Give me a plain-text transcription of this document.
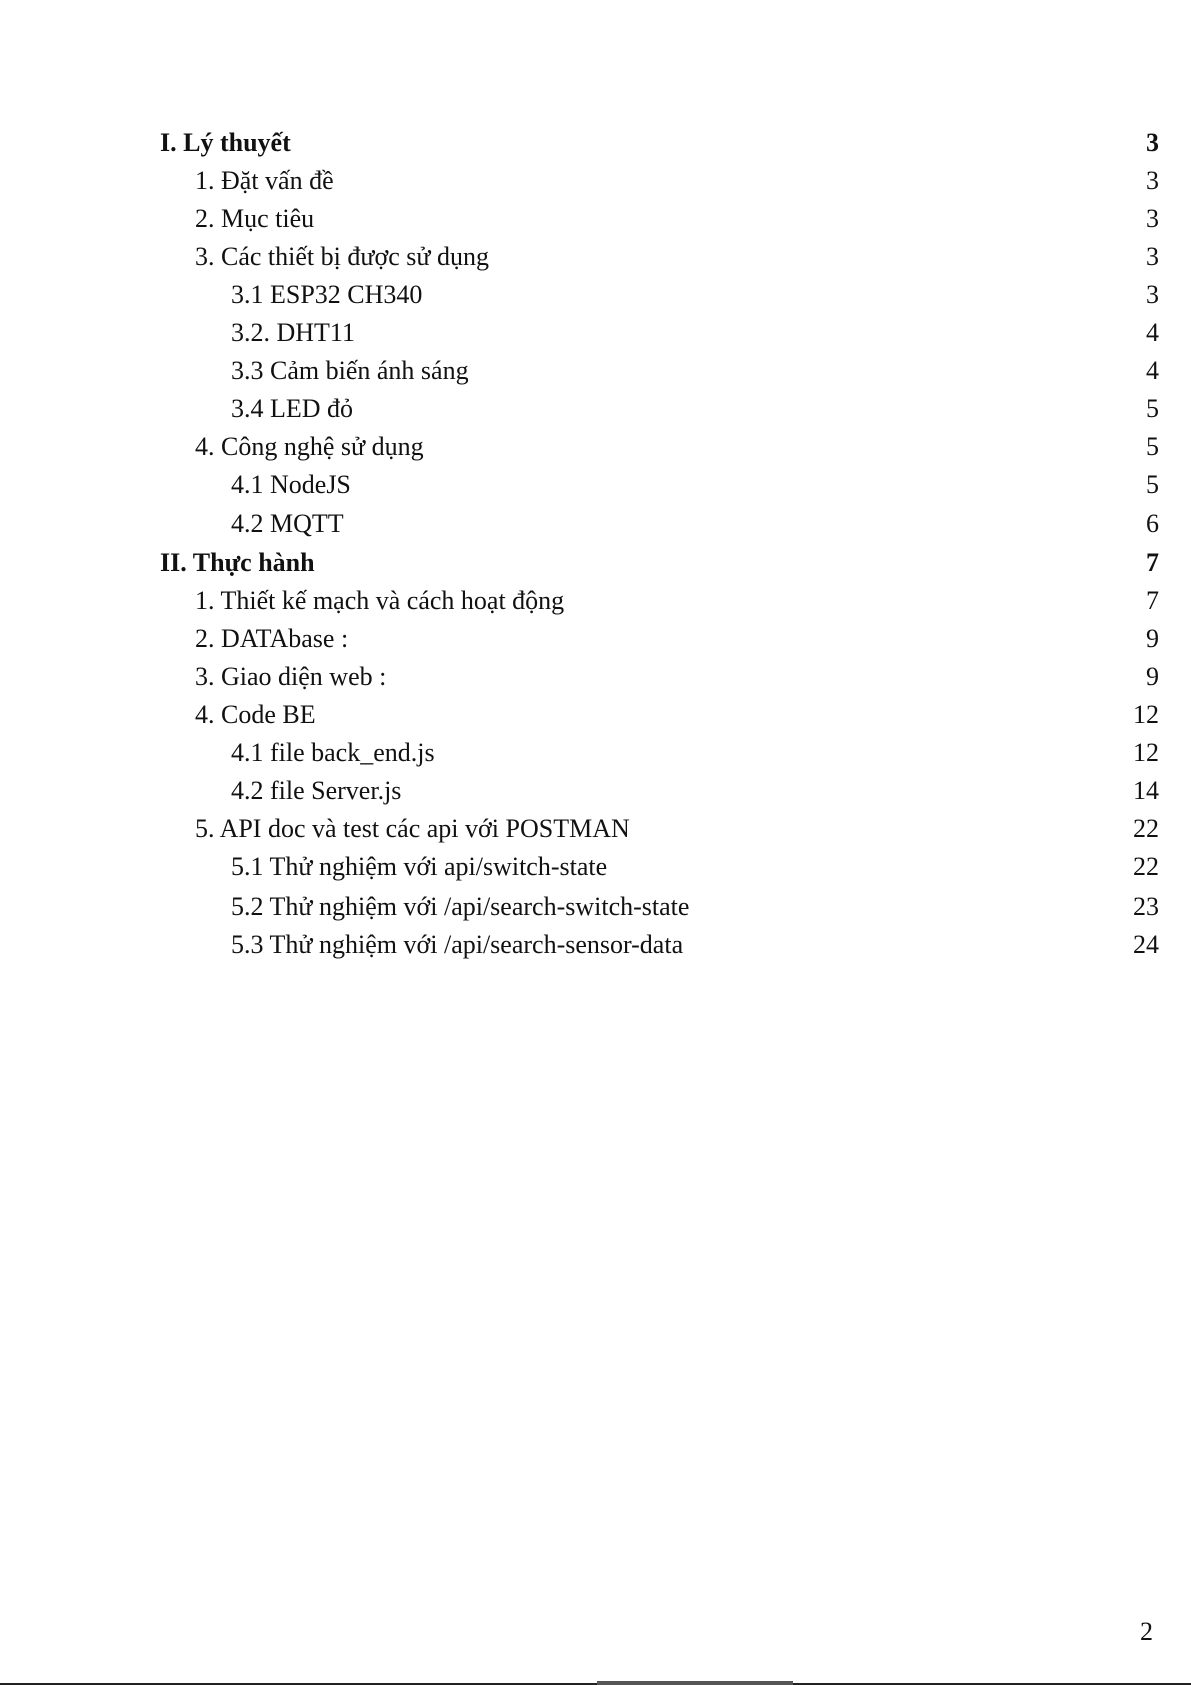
I. Lý thuyết	3
1. Đặt vấn đề	3
2. Mục tiêu	3
3. Các thiết bị được sử dụng	3
3.1 ESP32 CH340	3
3.2. DHT11	4
3.3 Cảm biến ánh sáng	4
3.4 LED đỏ	5
4. Công nghệ sử dụng	5
4.1 NodeJS	5
4.2 MQTT	6
II. Thực hành	7
1. Thiết kế mạch và cách hoạt động	7
2. DATAbase :	9
3. Giao diện web :	9
4. Code BE	12
4.1 file back_end.js	12
4.2 file Server.js	14
5. API doc và test các api với POSTMAN	22
5.1 Thử nghiệm với api/switch-state	22
5.2 Thử nghiệm với /api/search-switch-state	23
5.3 Thử nghiệm với /api/search-sensor-data	24
2
